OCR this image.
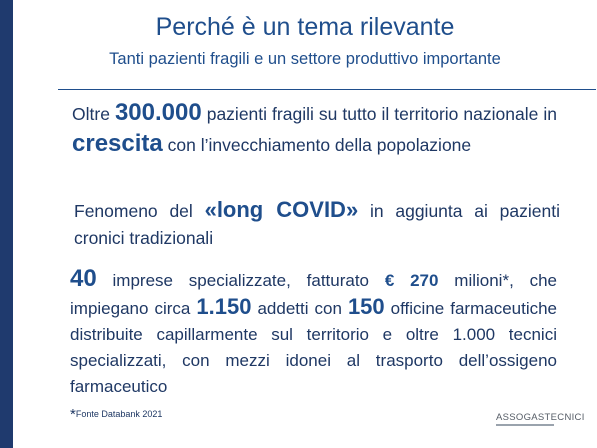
Perché è un tema rilevante
Tanti pazienti fragili e un settore produttivo importante
Oltre 300.000 pazienti fragili su tutto il territorio nazionale in crescita con l’invecchiamento della popolazione
Fenomeno del «long COVID» in aggiunta ai pazienti cronici tradizionali
40 imprese specializzate, fatturato € 270 milioni*, che impiegano circa 1.150 addetti con 150 officine farmaceutiche distribuite capillarmente sul territorio e oltre 1.000 tecnici specializzati, con mezzi idonei al trasporto dell’ossigeno farmaceutico
*Fonte Databank 2021	ASSOGASTECNICI
